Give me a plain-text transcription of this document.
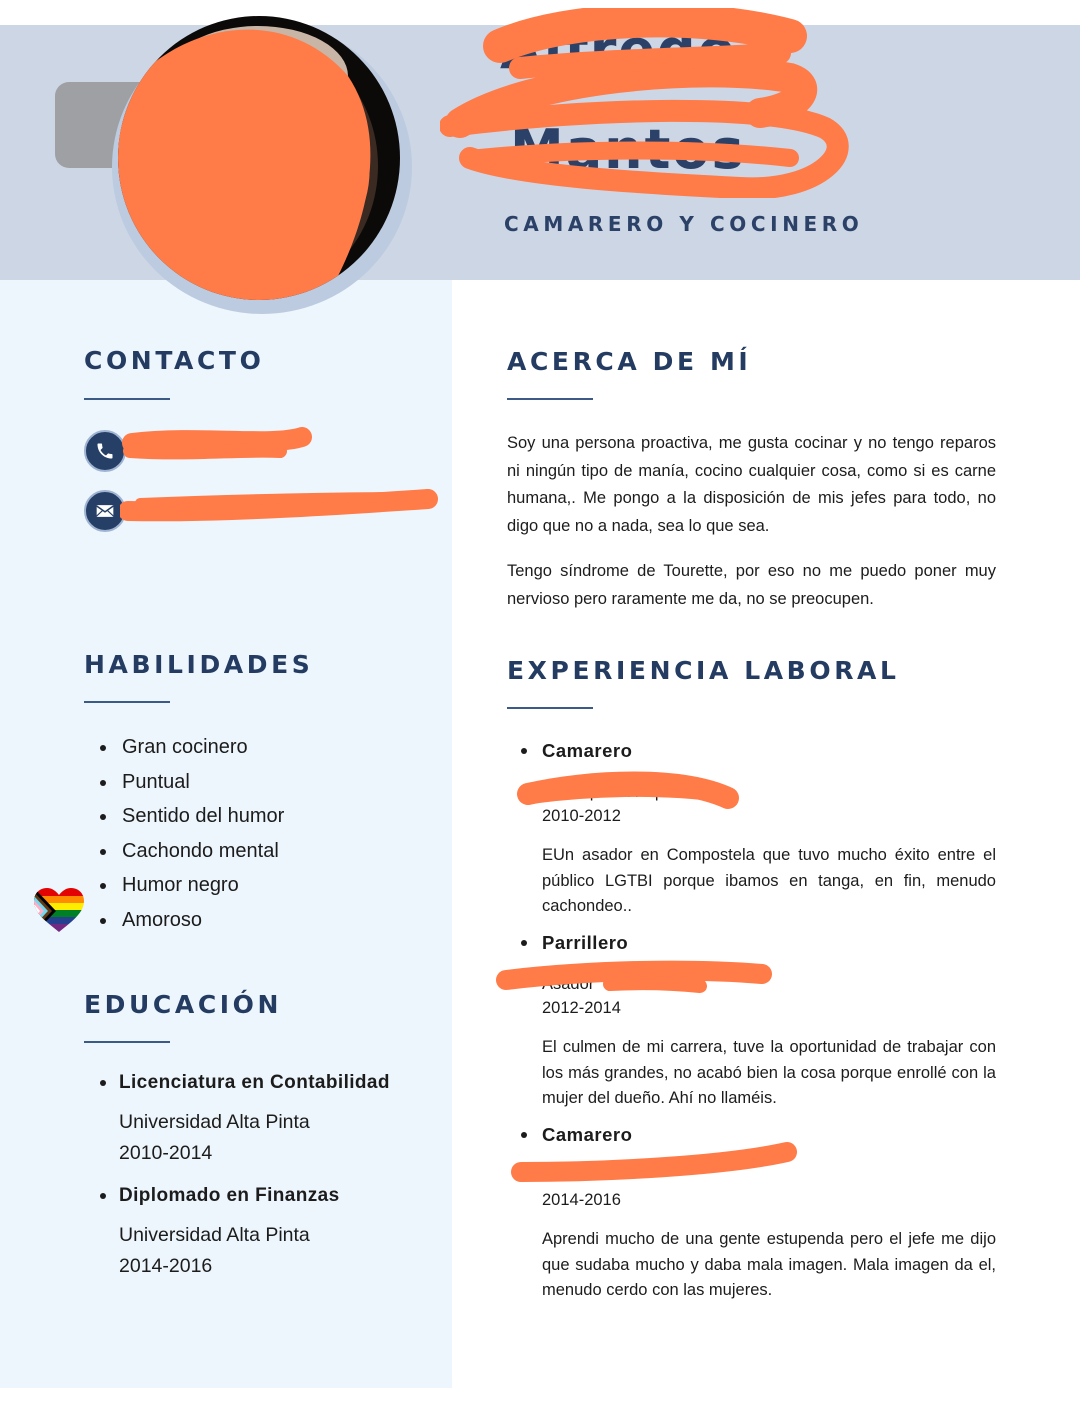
Alfredo
Mantos
CAMARERO Y COCINERO
CONTACTO
655 2 25
dumentos@gmail
HABILIDADES
Gran cocinero
Puntual
Sentido del humor
Cachondo mental
Humor negro
Amoroso
EDUCACIÓN
Licenciatura en Contabilidad
Universidad Alta Pinta
2010-2014
Diplomado en Finanzas
Universidad Alta Pinta
2014-2016
ACERCA DE MÍ

Soy una persona proactiva, me gusta cocinar y no tengo reparos ni ningún tipo de manía, cocino cualquier cosa, como si es carne humana,. Me pongo a la disposición de mis jefes para todo, no digo que no a nada, sea lo que sea.

Tengo síndrome de Tourette, por eso no me puedo poner muy nervioso pero raramente me da, no se preocupen.

EXPERIENCIA LABORAL
Camarero
La Esquena Pep
2010-2012
EUn asador en Compostela que tuvo mucho éxito entre el público LGTBI porque ibamos en tanga, en fin, menudo cachondeo..
Parrillero
Asador
2012-2014
El culmen de mi carrera, tuve la oportunidad de trabajar con los más grandes, no acabó bien la cosa porque enrollé con la mujer del dueño. Ahí no llaméis.
Camarero
na
2014-2016
Aprendi mucho de una gente estupenda pero el jefe me dijo que sudaba mucho y daba mala imagen. Mala imagen da el, menudo cerdo con las mujeres.
